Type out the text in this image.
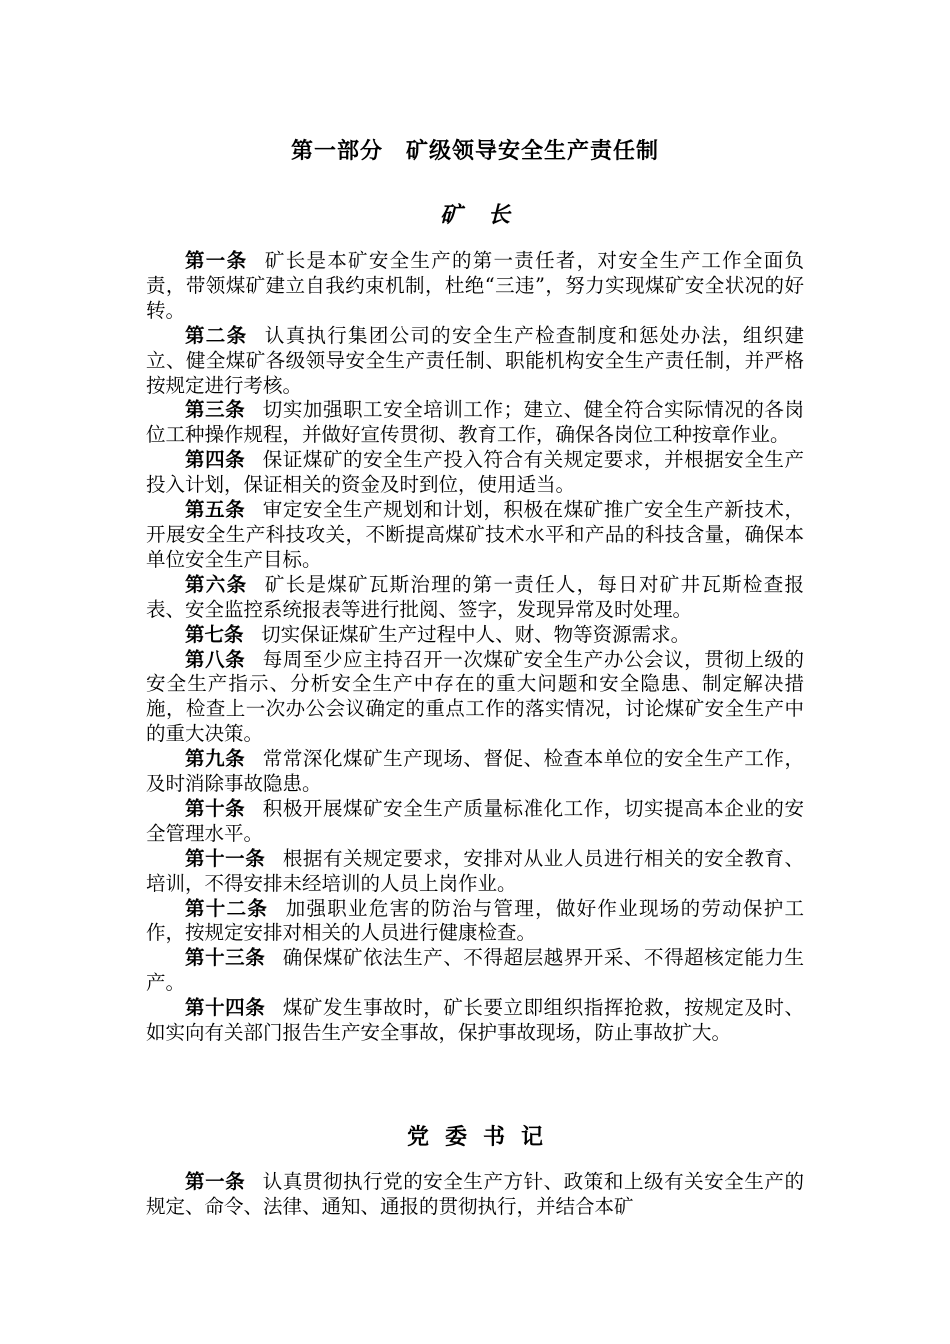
第一部分　矿级领导安全生产责任制
矿长

第一条 矿长是本矿安全生产的第一责任者，对安全生产工作全面负责，带领煤矿建立自我约束机制，杜绝“三违”，努力实现煤矿安全状况的好转。

第二条 认真执行集团公司的安全生产检查制度和惩处办法，组织建立、健全煤矿各级领导安全生产责任制、职能机构安全生产责任制，并严格按规定进行考核。

第三条 切实加强职工安全培训工作；建立、健全符合实际情况的各岗位工种操作规程，并做好宣传贯彻、教育工作，确保各岗位工种按章作业。

第四条 保证煤矿的安全生产投入符合有关规定要求，并根据安全生产投入计划，保证相关的资金及时到位，使用适当。

第五条 审定安全生产规划和计划，积极在煤矿推广安全生产新技术，开展安全生产科技攻关，不断提高煤矿技术水平和产品的科技含量，确保本单位安全生产目标。

第六条 矿长是煤矿瓦斯治理的第一责任人，每日对矿井瓦斯检查报表、安全监控系统报表等进行批阅、签字，发现异常及时处理。

第七条 切实保证煤矿生产过程中人、财、物等资源需求。

第八条 每周至少应主持召开一次煤矿安全生产办公会议，贯彻上级的安全生产指示、分析安全生产中存在的重大问题和安全隐患、制定解决措施，检查上一次办公会议确定的重点工作的落实情况，讨论煤矿安全生产中的重大决策。

第九条 常常深化煤矿生产现场、督促、检查本单位的安全生产工作，及时消除事故隐患。

第十条 积极开展煤矿安全生产质量标准化工作，切实提高本企业的安全管理水平。

第十一条 根据有关规定要求，安排对从业人员进行相关的安全教育、培训，不得安排未经培训的人员上岗作业。

第十二条 加强职业危害的防治与管理，做好作业现场的劳动保护工作，按规定安排对相关的人员进行健康检查。

第十三条 确保煤矿依法生产、不得超层越界开采、不得超核定能力生产。

第十四条 煤矿发生事故时，矿长要立即组织指挥抢救，按规定及时、如实向有关部门报告生产安全事故，保护事故现场，防止事故扩大。

党委书记

第一条 认真贯彻执行党的安全生产方针、政策和上级有关安全生产的规定、命令、法律、通知、通报的贯彻执行，并结合本矿
